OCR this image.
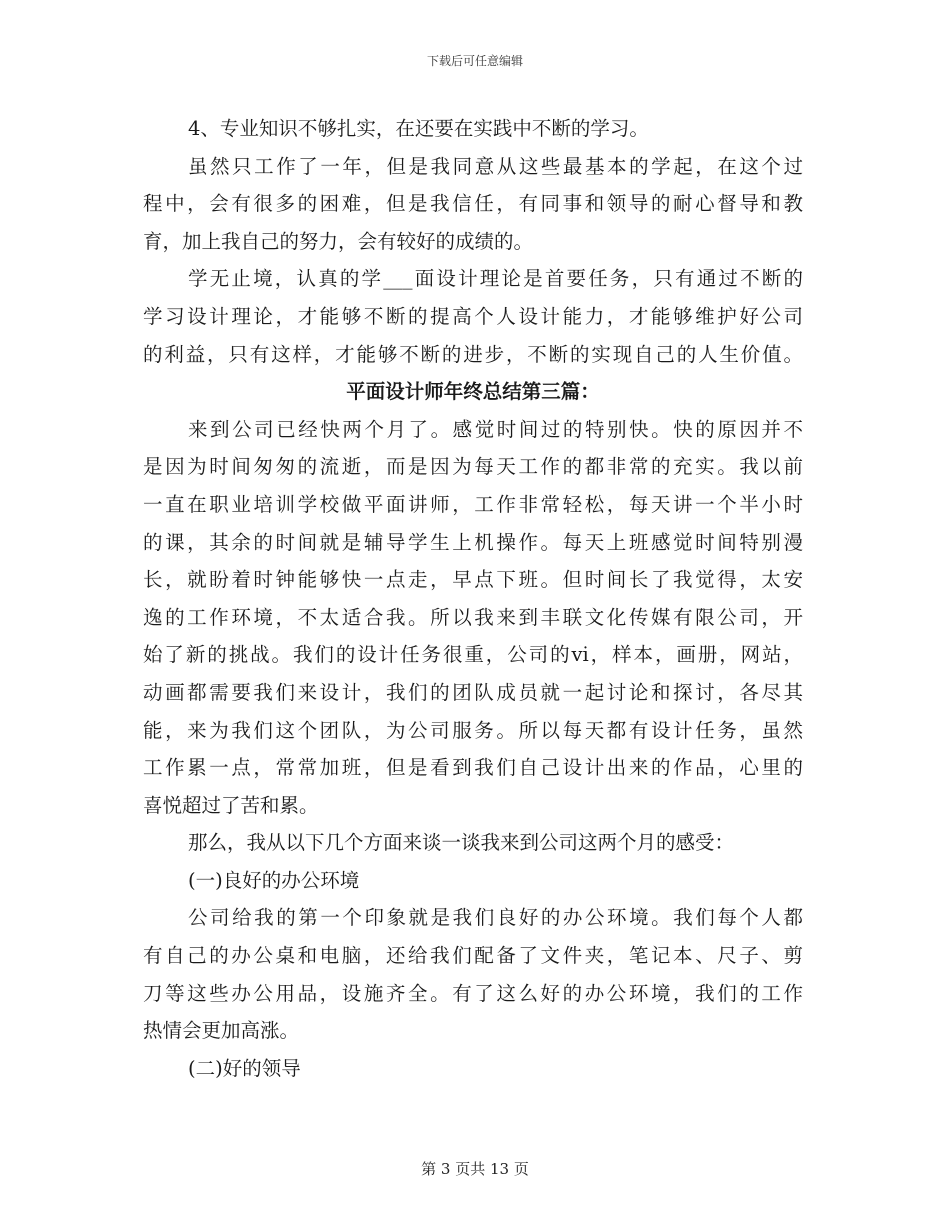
下载后可任意编辑
4、专业知识不够扎实，在还要在实践中不断的学习。
虽然只工作了一年，但是我同意从这些最基本的学起，在这个过
程中，会有很多的困难，但是我信任，有同事和领导的耐心督导和教
育，加上我自己的努力，会有较好的成绩的。
学无止境，认真的学___面设计理论是首要任务，只有通过不断的
学习设计理论，才能够不断的提高个人设计能力，才能够维护好公司
的利益，只有这样，才能够不断的进步，不断的实现自己的人生价值。
平面设计师年终总结第三篇：
来到公司已经快两个月了。感觉时间过的特别快。快的原因并不
是因为时间匆匆的流逝，而是因为每天工作的都非常的充实。我以前
一直在职业培训学校做平面讲师，工作非常轻松，每天讲一个半小时
的课，其余的时间就是辅导学生上机操作。每天上班感觉时间特别漫
长，就盼着时钟能够快一点走，早点下班。但时间长了我觉得，太安
逸的工作环境，不太适合我。所以我来到丰联文化传媒有限公司，开
始了新的挑战。我们的设计任务很重，公司的vi，样本，画册，网站，
动画都需要我们来设计，我们的团队成员就一起讨论和探讨，各尽其
能，来为我们这个团队，为公司服务。所以每天都有设计任务，虽然
工作累一点，常常加班，但是看到我们自己设计出来的作品，心里的
喜悦超过了苦和累。
那么，我从以下几个方面来谈一谈我来到公司这两个月的感受：
(一)良好的办公环境
公司给我的第一个印象就是我们良好的办公环境。我们每个人都
有自己的办公桌和电脑，还给我们配备了文件夹，笔记本、尺子、剪
刀等这些办公用品，设施齐全。有了这么好的办公环境，我们的工作
热情会更加高涨。
(二)好的领导
第 3 页共 13 页
